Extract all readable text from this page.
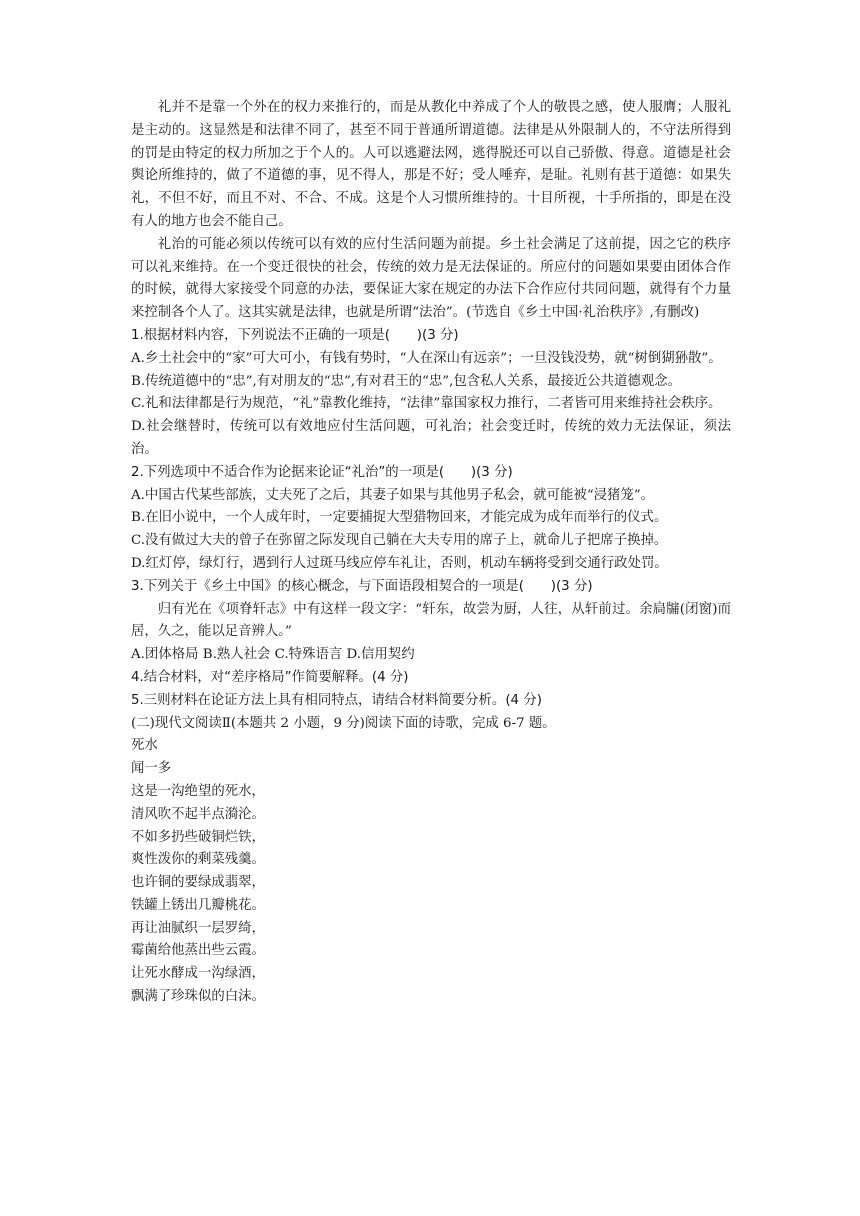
礼并不是靠一个外在的权力来推行的，而是从教化中养成了个人的敬畏之感，使人服膺；人服礼是主动的。这显然是和法律不同了，甚至不同于普通所谓道德。法律是从外限制人的，不守法所得到的罚是由特定的权力所加之于个人的。人可以逃避法网，逃得脱还可以自己骄傲、得意。道德是社会舆论所维持的，做了不道德的事，见不得人，那是不好；受人唾弃，是耻。礼则有甚于道德：如果失礼，不但不好，而且不对、不合、不成。这是个人习惯所维持的。十目所视，十手所指的，即是在没有人的地方也会不能自己。

礼治的可能必须以传统可以有效的应付生活问题为前提。乡土社会满足了这前提，因之它的秩序可以礼来维持。在一个变迁很快的社会，传统的效力是无法保证的。所应付的问题如果要由团体合作的时候，就得大家接受个同意的办法，要保证大家在规定的办法下合作应付共同问题，就得有个力量来控制各个人了。这其实就是法律，也就是所谓“法治”。(节选自《乡土中国·礼治秩序》,有删改)

1.根据材料内容，下列说法不正确的一项是(　　)(3 分)

A.乡土社会中的“家”可大可小，有钱有势时，“人在深山有远亲”；一旦没钱没势，就“树倒猢狲散”。

B.传统道德中的“忠”,有对朋友的“忠”,有对君王的“忠”,包含私人关系，最接近公共道德观念。

C.礼和法律都是行为规范，“礼”靠教化维持，“法律”靠国家权力推行，二者皆可用来维持社会秩序。

D.社会继替时，传统可以有效地应付生活问题，可礼治；社会变迁时，传统的效力无法保证，须法治。

2.下列选项中不适合作为论据来论证“礼治”的一项是(　　)(3 分)

A.中国古代某些部族，丈夫死了之后，其妻子如果与其他男子私会，就可能被“浸猪笼”。

B.在旧小说中，一个人成年时，一定要捕捉大型猎物回来，才能完成为成年而举行的仪式。

C.没有做过大夫的曾子在弥留之际发现自己躺在大夫专用的席子上，就命儿子把席子换掉。

D.红灯停，绿灯行，遇到行人过斑马线应停车礼让，否则，机动车辆将受到交通行政处罚。

3.下列关于《乡土中国》的核心概念，与下面语段相契合的一项是(　　)(3 分)

归有光在《项脊轩志》中有这样一段文字：“轩东，故尝为厨，人往，从轩前过。余扃牖(闭窗)而居，久之，能以足音辨人。”

A.团体格局 B.熟人社会 C.特殊语言 D.信用契约

4.结合材料，对“差序格局”作简要解释。(4 分)

5.三则材料在论证方法上具有相同特点，请结合材料简要分析。(4 分)

(二)现代文阅读Ⅱ(本题共 2 小题，9 分)阅读下面的诗歌，完成 6-7 题。

死水

闻一多

这是一沟绝望的死水，

清风吹不起半点漪沦。

不如多扔些破铜烂铁，

爽性泼你的剩菜残羹。

也许铜的要绿成翡翠，

铁罐上锈出几瓣桃花。

再让油腻织一层罗绮，

霉菌给他蒸出些云霞。

让死水酵成一沟绿酒，

飘满了珍珠似的白沫。
